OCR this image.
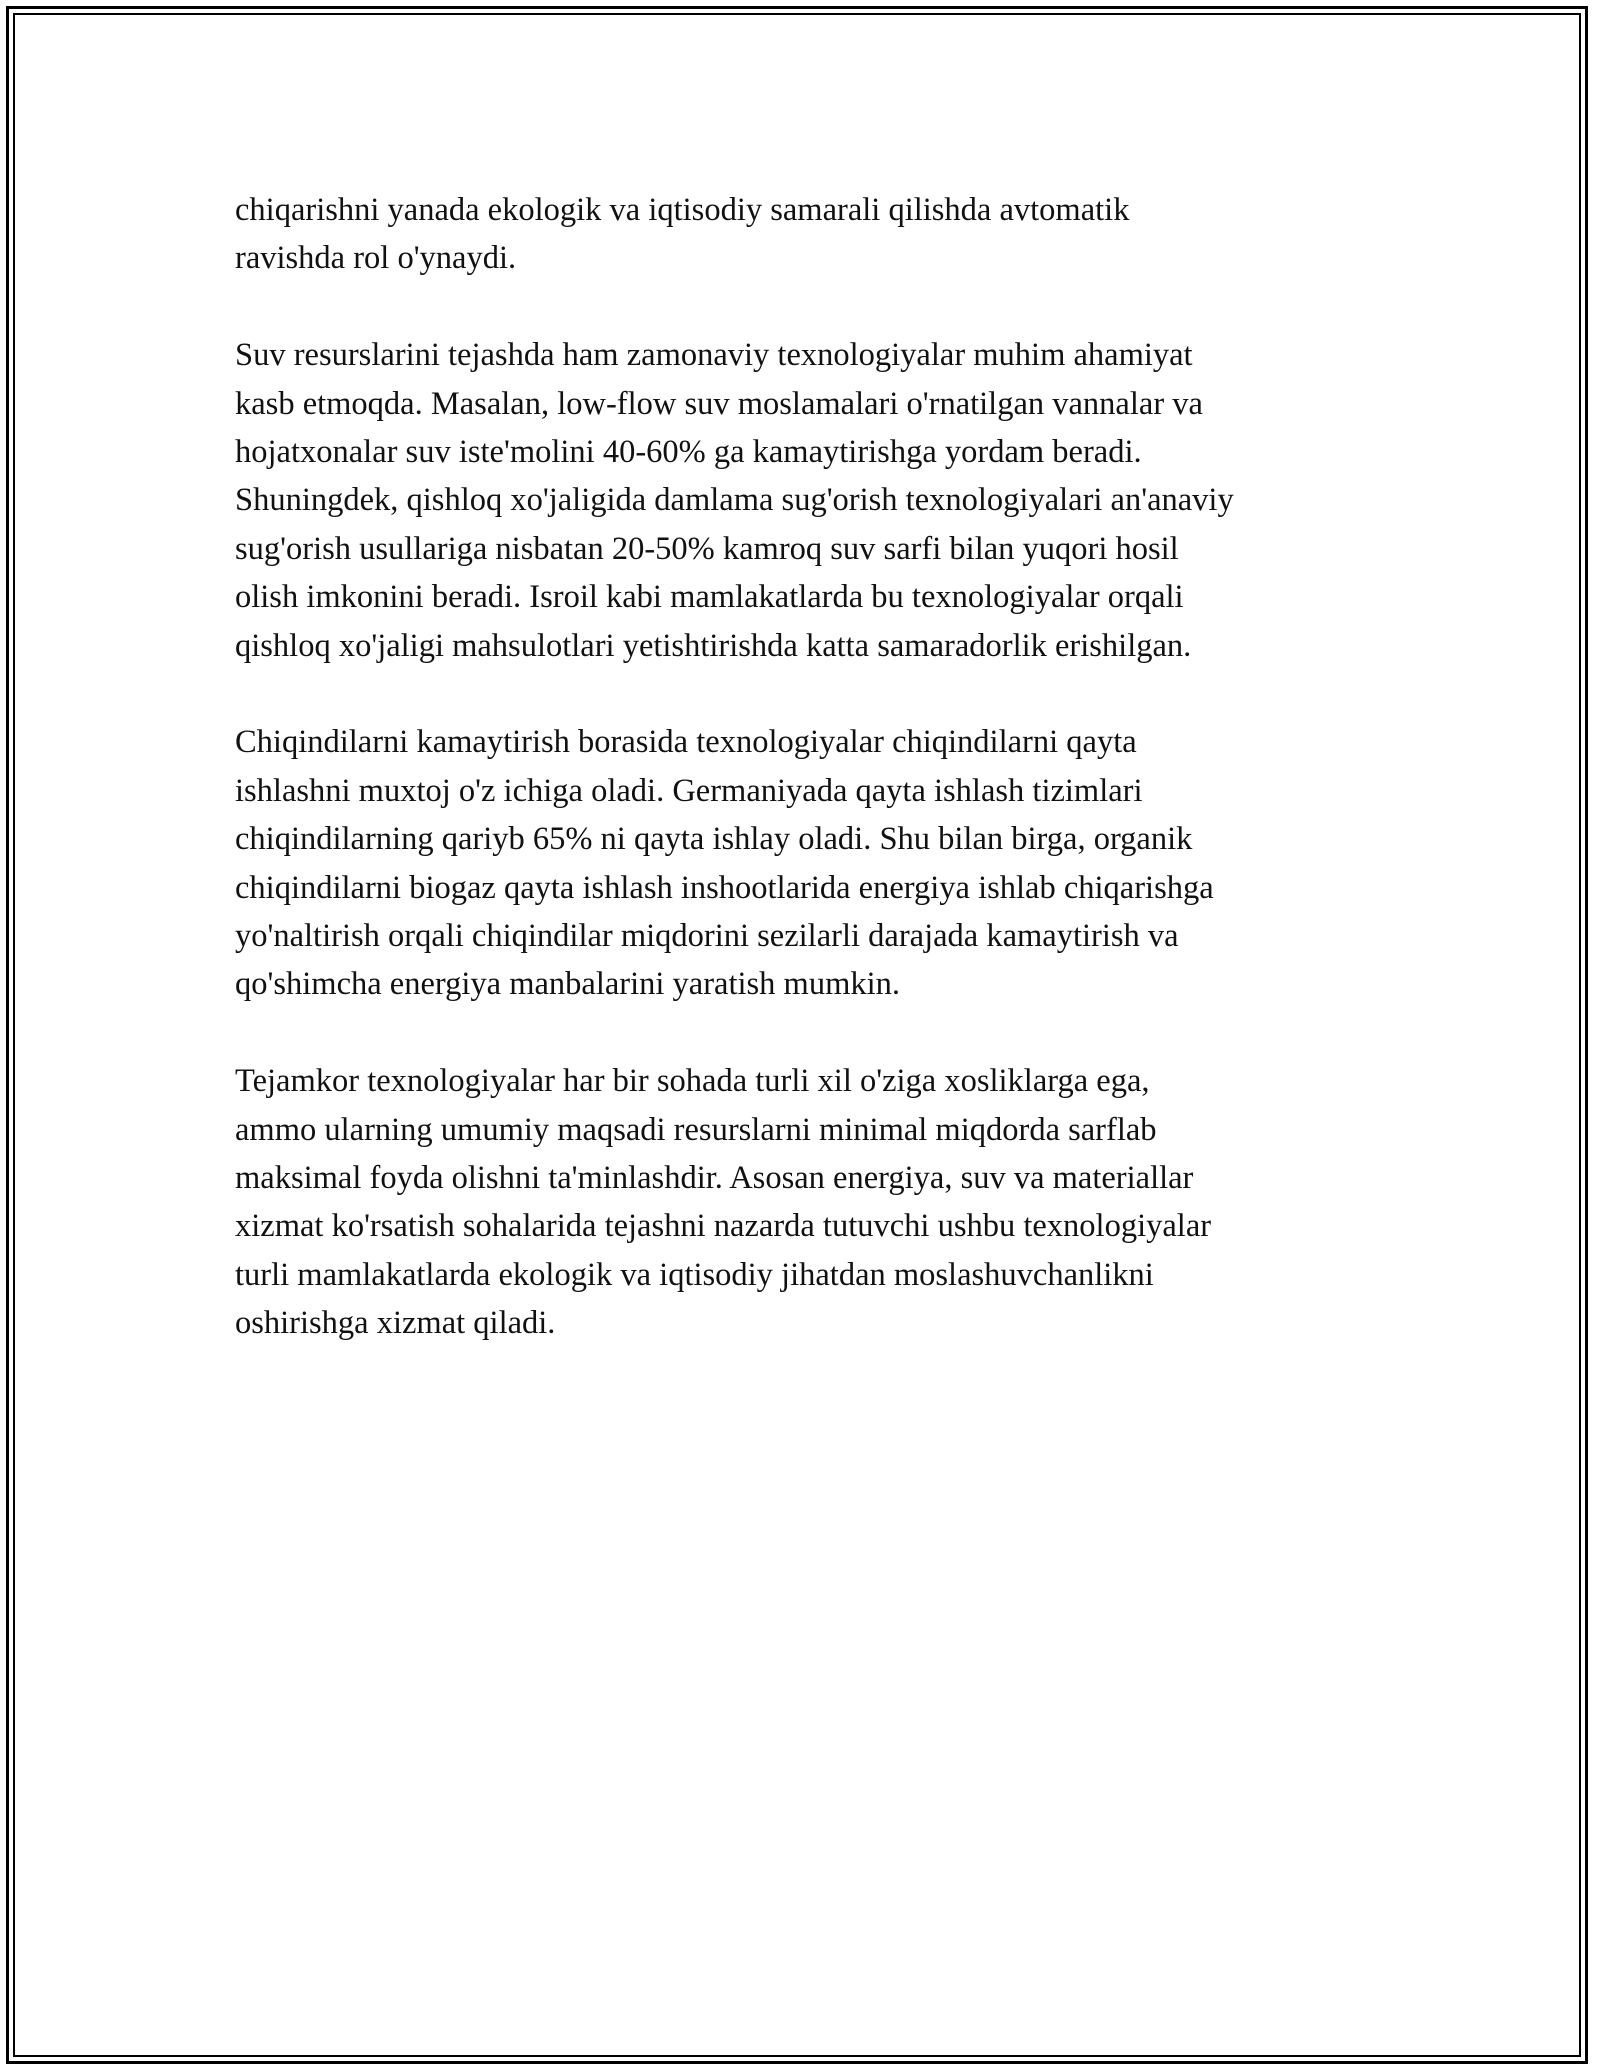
chiqarishni yanada ekologik va iqtisodiy samarali qilishda avtomatik
ravishda rol o'ynaydi.

Suv resurslarini tejashda ham zamonaviy texnologiyalar muhim ahamiyat
kasb etmoqda. Masalan, low-flow suv moslamalari o'rnatilgan vannalar va
hojatxonalar suv iste'molini 40-60% ga kamaytirishga yordam beradi.
Shuningdek, qishloq xo'jaligida damlama sug'orish texnologiyalari an'anaviy
sug'orish usullariga nisbatan 20-50% kamroq suv sarfi bilan yuqori hosil
olish imkonini beradi. Isroil kabi mamlakatlarda bu texnologiyalar orqali
qishloq xo'jaligi mahsulotlari yetishtirishda katta samaradorlik erishilgan.

Chiqindilarni kamaytirish borasida texnologiyalar chiqindilarni qayta
ishlashni muxtoj o'z ichiga oladi. Germaniyada qayta ishlash tizimlari
chiqindilarning qariyb 65% ni qayta ishlay oladi. Shu bilan birga, organik
chiqindilarni biogaz qayta ishlash inshootlarida energiya ishlab chiqarishga
yo'naltirish orqali chiqindilar miqdorini sezilarli darajada kamaytirish va
qo'shimcha energiya manbalarini yaratish mumkin.

Tejamkor texnologiyalar har bir sohada turli xil o'ziga xosliklarga ega,
ammo ularning umumiy maqsadi resurslarni minimal miqdorda sarflab
maksimal foyda olishni ta'minlashdir. Asosan energiya, suv va materiallar
xizmat ko'rsatish sohalarida tejashni nazarda tutuvchi ushbu texnologiyalar
turli mamlakatlarda ekologik va iqtisodiy jihatdan moslashuvchanlikni
oshirishga xizmat qiladi.
